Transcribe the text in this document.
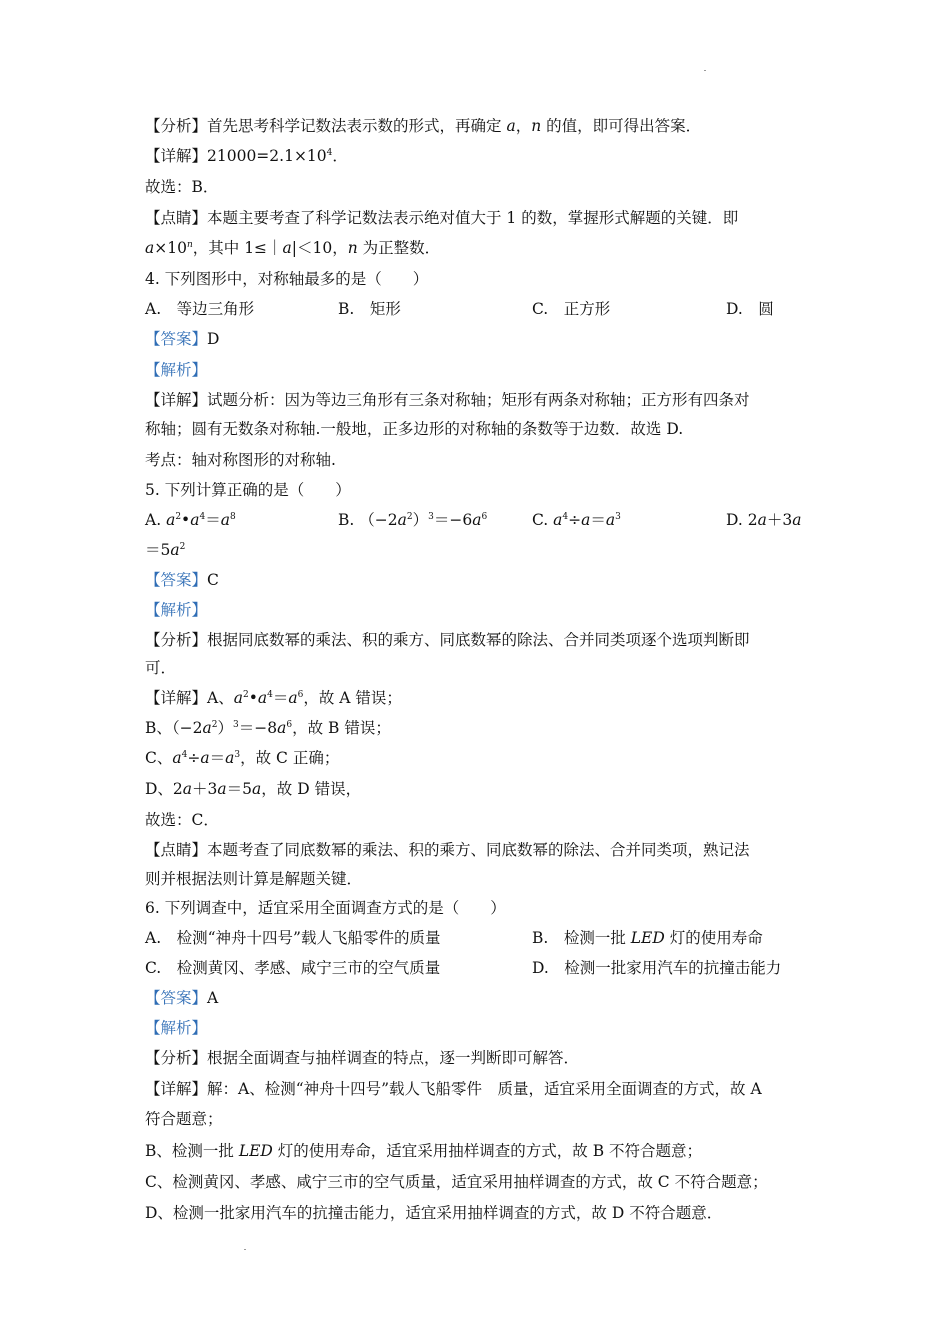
【分析】首先思考科学记数法表示数的形式，再确定 a，n 的值，即可得出答案．
【详解】$21000=2.1\times 10^4$．
故选：B．
【点睛】本题主要考查了科学记数法表示绝对值大于 1 的数，掌握形式解题的关键．即
$a\times 10^n$，其中 1≤｜a|＜10，n 为正整数．
4. 下列图形中，对称轴最多的是（　　）
A.　等边三角形	B.　矩形	C.　正方形	D.　圆
【答案】D
【解析】
【详解】试题分析：因为等边三角形有三条对称轴；矩形有两条对称轴；正方形有四条对
称轴；圆有无数条对称轴.一般地，正多边形的对称轴的条数等于边数．故选 D.
考点：轴对称图形的对称轴.
5. 下列计算正确的是（　　）
A. $a^2•a^4=a^8$	B. $(-2a^2)^3=-6a^6$	C. $a^4\div a=a^3$	D. 2a＋3a
$=5a^2$
【答案】C
【解析】
【分析】根据同底数幂的乘法、积的乘方、同底数幂的除法、合并同类项逐个选项判断即
可．
【详解】A、$a^2•a^4=a^6$，故 A 错误；
B、$(-2a^2)^3=-8a^6$，故 B 错误；
C、$a^4\div a=a^3$，故 C 正确；
D、2a＋3a＝5a，故 D 错误，
故选：C．
【点睛】本题考查了同底数幂的乘法、积的乘方、同底数幂的除法、合并同类项，熟记法
则并根据法则计算是解题关键．
6. 下列调查中，适宜采用全面调查方式的是（　　）
A.　检测“神舟十四号”载人飞船零件的质量	B.　检测一批 LED 灯的使用寿命
C.　检测黄冈、孝感、咸宁三市的空气质量	D.　检测一批家用汽车的抗撞击能力
【答案】A
【解析】
【分析】根据全面调查与抽样调查的特点，逐一判断即可解答．
【详解】解：A、检测“神舟十四号”载人飞船零件　质量，适宜采用全面调查的方式，故 A
符合题意；
B、检测一批 LED 灯的使用寿命，适宜采用抽样调查的方式，故 B 不符合题意；
C、检测黄冈、孝感、咸宁三市的空气质量，适宜采用抽样调查的方式，故 C 不符合题意；
D、检测一批家用汽车的抗撞击能力，适宜采用抽样调查的方式，故 D 不符合题意．
